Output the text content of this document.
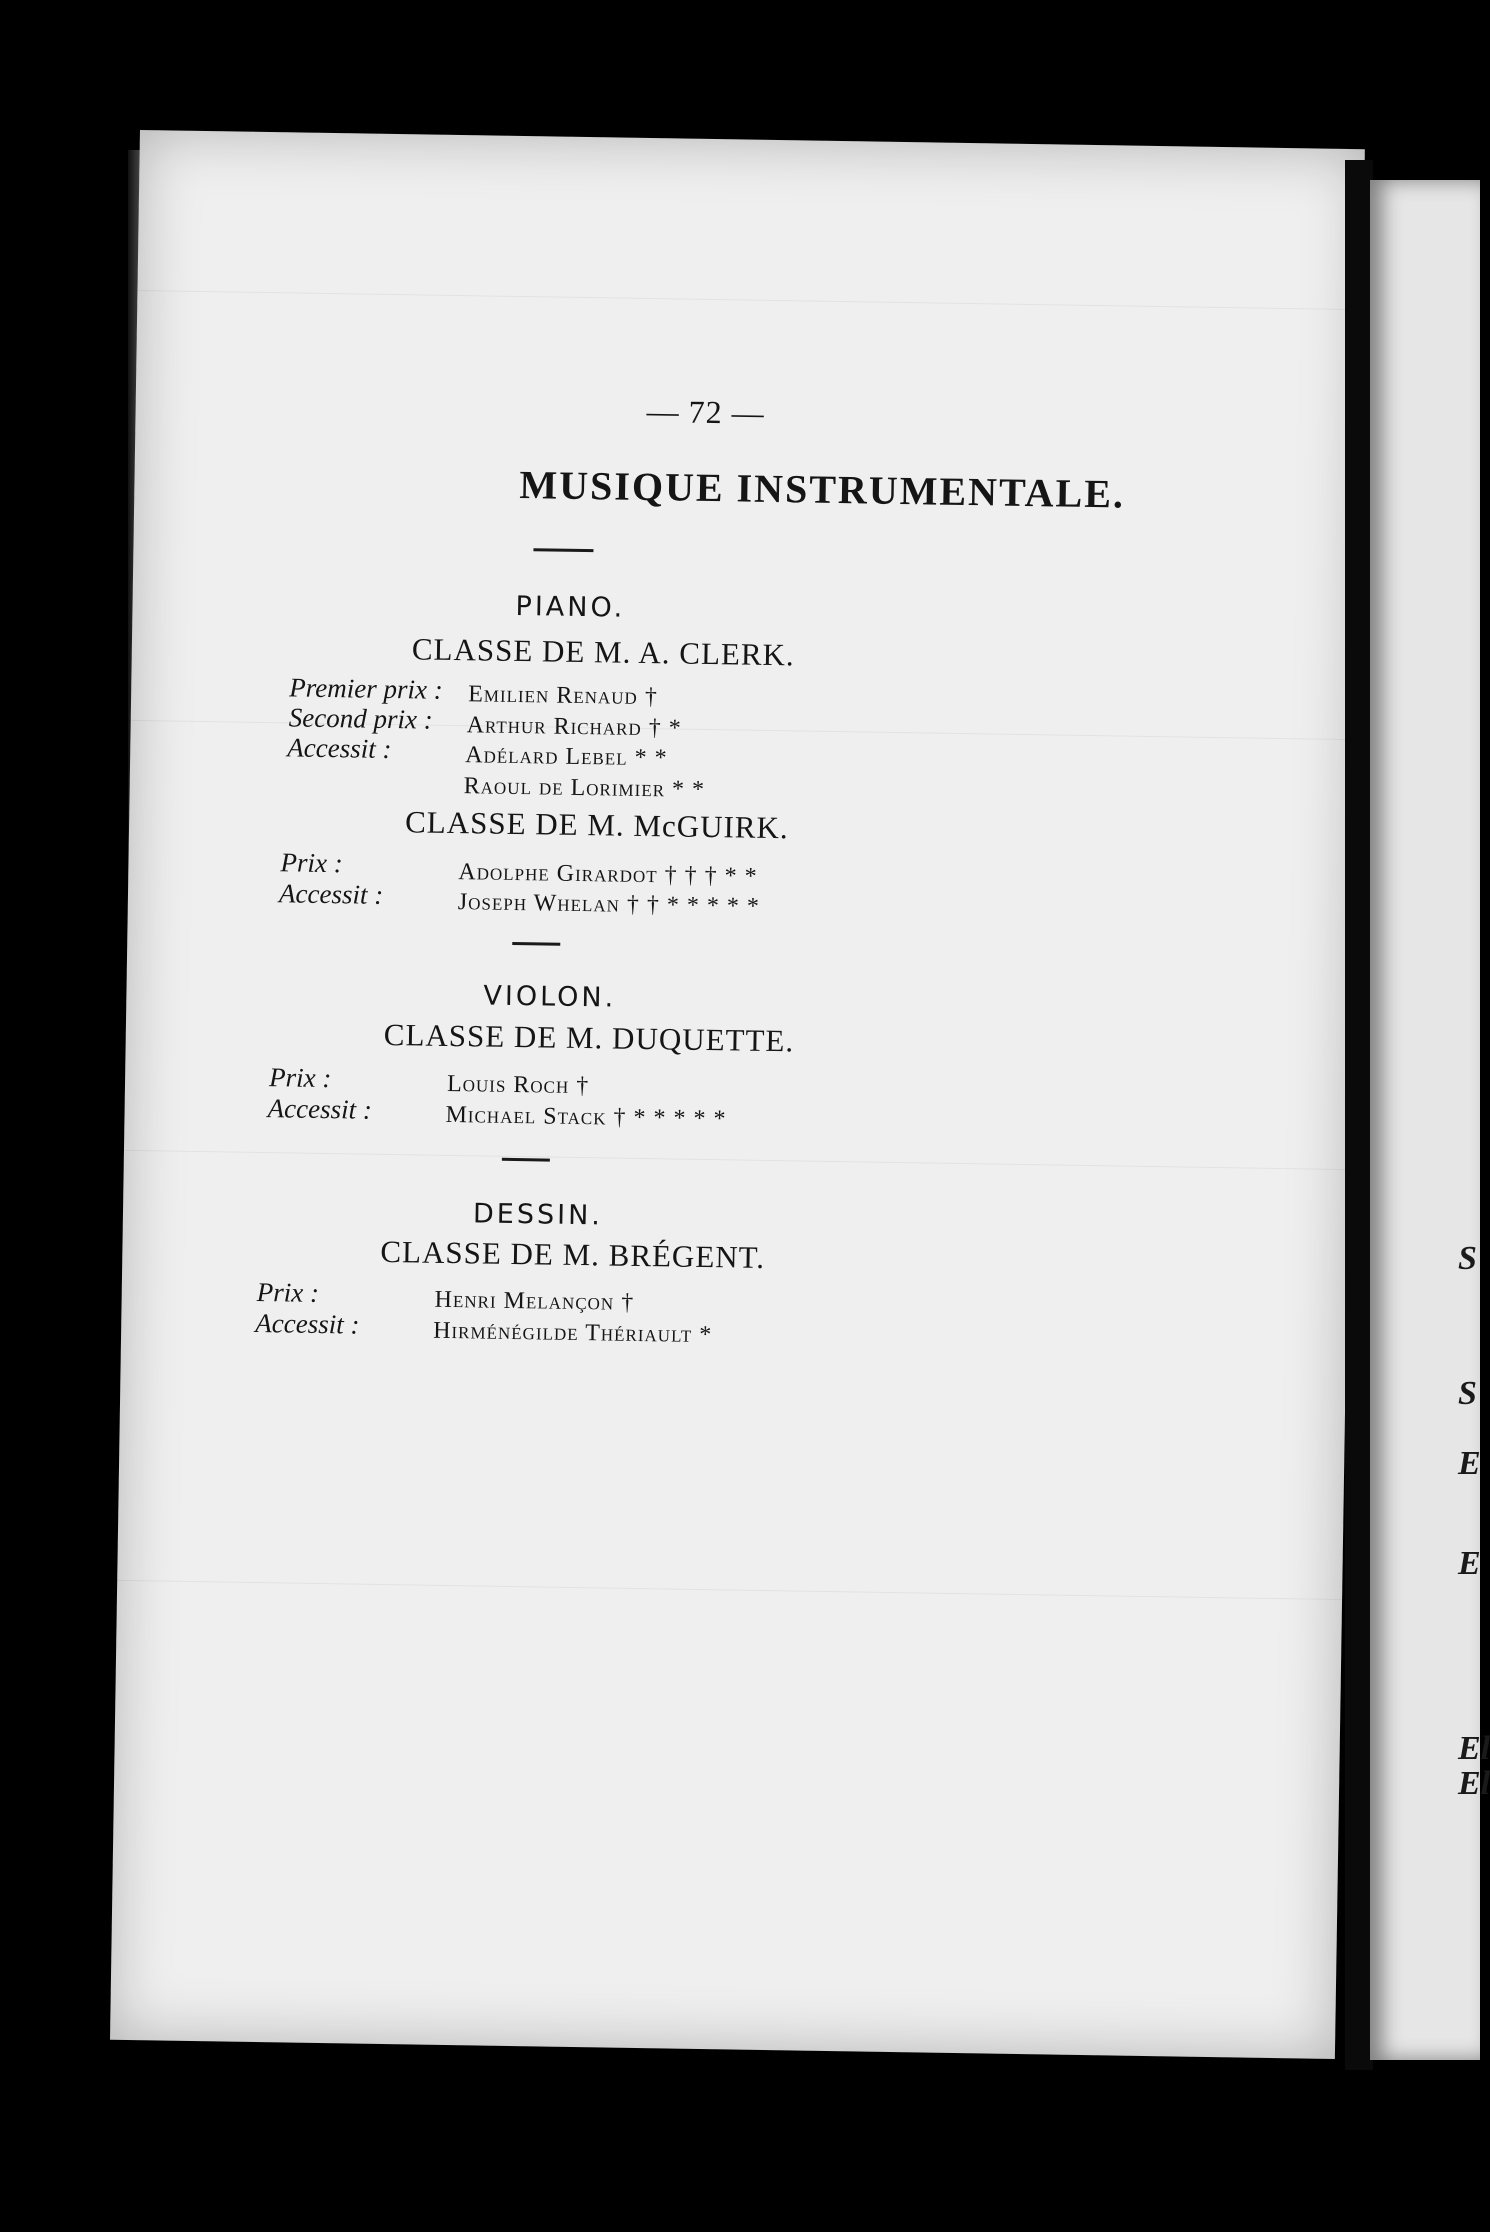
— 72 —
MUSIQUE INSTRUMENTALE.
PIANO.
CLASSE DE M. A. CLERK.
Premier prix : Emilien Renaud †
Second prix : Arthur Richard † *
Accessit :	Adélard Lebel * *
Raoul de Lorimier * *
CLASSE DE M. McGUIRK.
Prix :	Adolphe Girardot † † † * *
Accessit :	Joseph Whelan † † * * * * *
VIOLON.
CLASSE DE M. DUQUETTE.
Prix :	Louis Roch †
Accessit :	Michael Stack † * * * * *
DESSIN.
CLASSE DE M. BRÉGENT.
Prix :	Henri Melançon †
Accessit :	Hirménégilde Thériault *
S
S
E
E
El
El
